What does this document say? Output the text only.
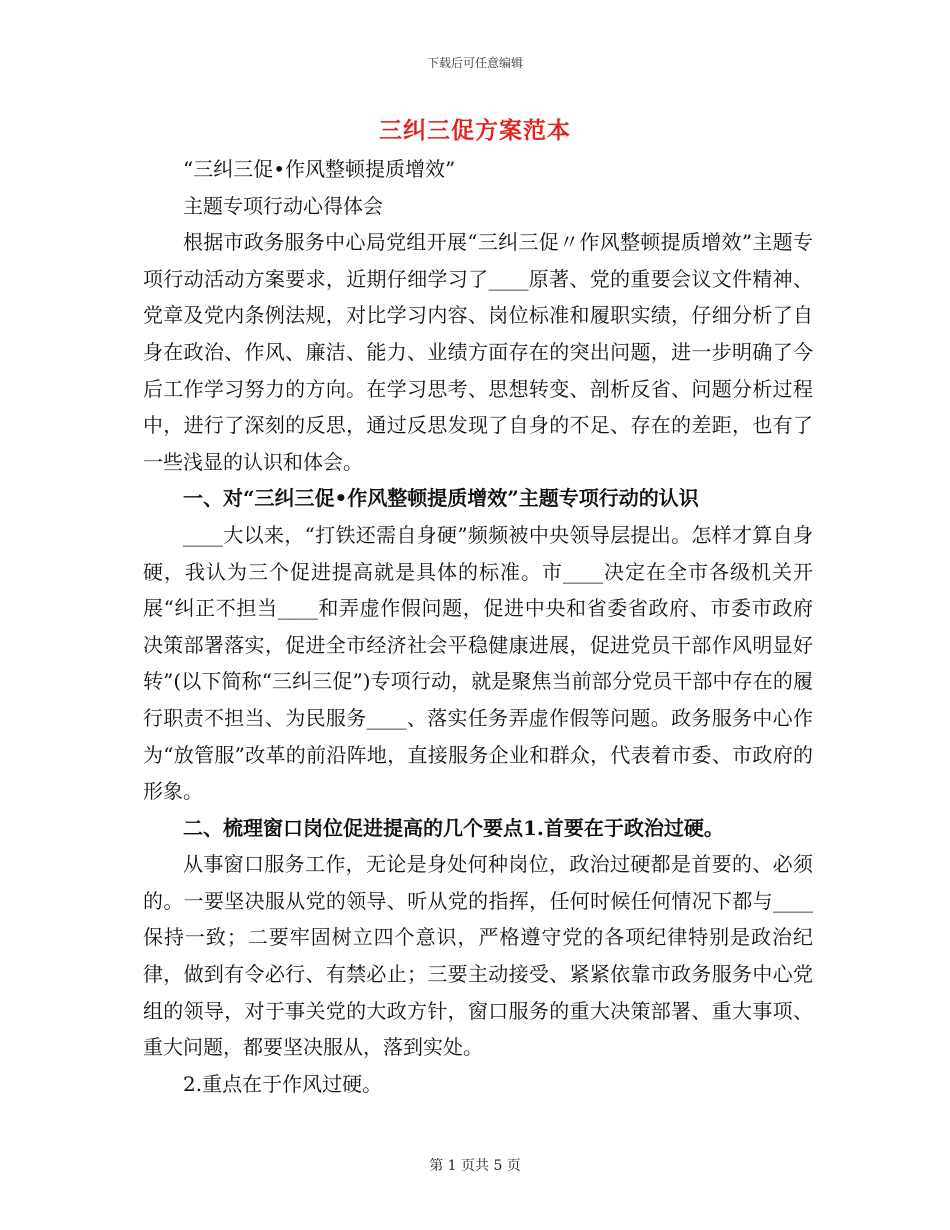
下载后可任意编辑
三纠三促方案范本

“三纠三促•作风整顿提质增效”

主题专项行动心得体会

根据市政务服务中心局党组开展“三纠三促〃作风整顿提质增效”主题专项行动活动方案要求，近期仔细学习了____原著、党的重要会议文件精神、党章及党内条例法规，对比学习内容、岗位标准和履职实绩，仔细分析了自身在政治、作风、廉洁、能力、业绩方面存在的突出问题，进一步明确了今后工作学习努力的方向。在学习思考、思想转变、剖析反省、问题分析过程中，进行了深刻的反思，通过反思发现了自身的不足、存在的差距，也有了一些浅显的认识和体会。

一、对“三纠三促•作风整顿提质增效”主题专项行动的认识

____大以来，“打铁还需自身硬”频频被中央领导层提出。怎样才算自身硬，我认为三个促进提高就是具体的标准。市____决定在全市各级机关开展“纠正不担当____和弄虚作假问题，促进中央和省委省政府、市委市政府决策部署落实，促进全市经济社会平稳健康进展，促进党员干部作风明显好转”(以下简称“三纠三促”)专项行动，就是聚焦当前部分党员干部中存在的履行职责不担当、为民服务____、落实任务弄虚作假等问题。政务服务中心作为“放管服”改革的前沿阵地，直接服务企业和群众，代表着市委、市政府的形象。

二、梳理窗口岗位促进提高的几个要点1.首要在于政治过硬。

从事窗口服务工作，无论是身处何种岗位，政治过硬都是首要的、必须的。一要坚决服从党的领导、听从党的指挥，任何时候任何情况下都与____保持一致；二要牢固树立四个意识，严格遵守党的各项纪律特别是政治纪律，做到有令必行、有禁必止；三要主动接受、紧紧依靠市政务服务中心党组的领导，对于事关党的大政方针，窗口服务的重大决策部署、重大事项、重大问题，都要坚决服从，落到实处。

2.重点在于作风过硬。

第 1 页共 5 页
